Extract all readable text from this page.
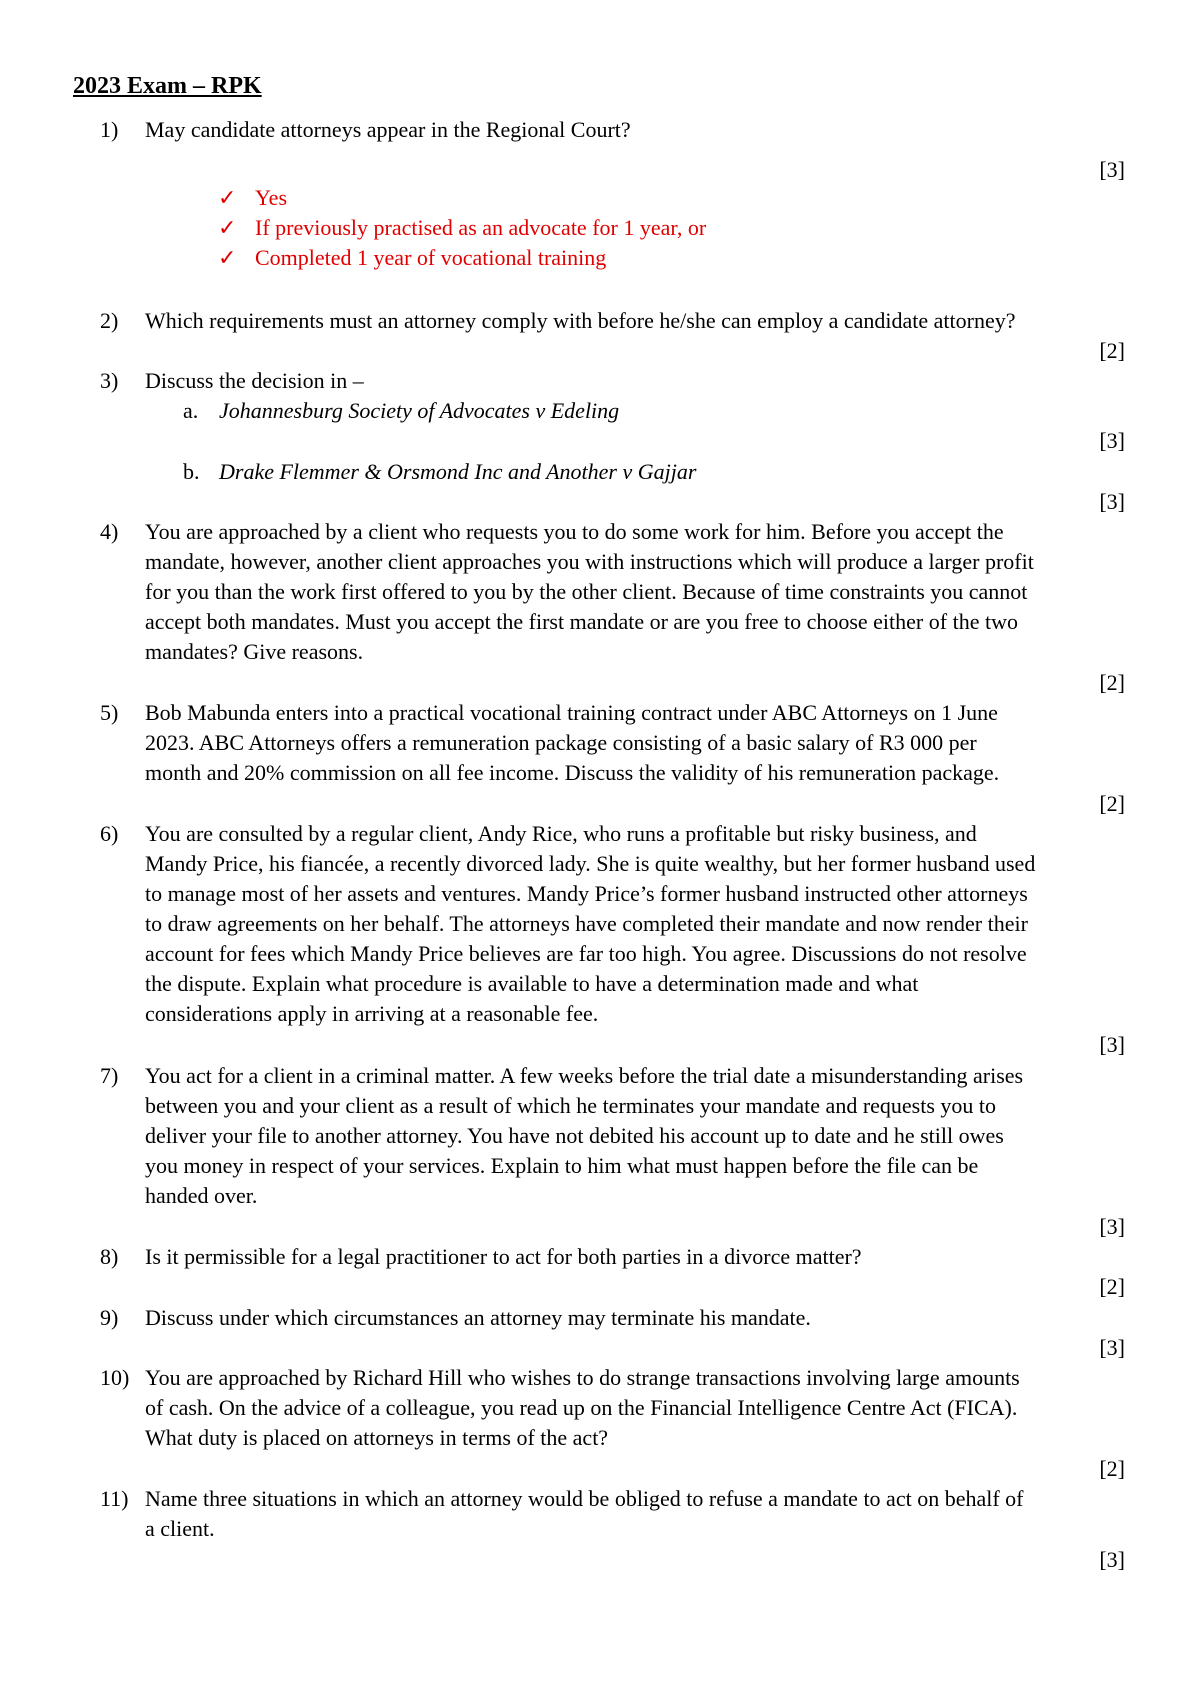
2023 Exam – RPK
1) May candidate attorneys appear in the Regional Court?
[3]
✓ Yes
✓ If previously practised as an advocate for 1 year, or
✓ Completed 1 year of vocational training
2) Which requirements must an attorney comply with before he/she can employ a candidate attorney?
[2]
3) Discuss the decision in –
a. Johannesburg Society of Advocates v Edeling
[3]
b. Drake Flemmer & Orsmond Inc and Another v Gajjar
[3]
4) You are approached by a client who requests you to do some work for him. Before you accept the
mandate, however, another client approaches you with instructions which will produce a larger profit
for you than the work first offered to you by the other client. Because of time constraints you cannot
accept both mandates. Must you accept the first mandate or are you free to choose either of the two
mandates? Give reasons.
[2]
5) Bob Mabunda enters into a practical vocational training contract under ABC Attorneys on 1 June
2023. ABC Attorneys offers a remuneration package consisting of a basic salary of R3 000 per
month and 20% commission on all fee income. Discuss the validity of his remuneration package.
[2]
6) You are consulted by a regular client, Andy Rice, who runs a profitable but risky business, and
Mandy Price, his fiancée, a recently divorced lady. She is quite wealthy, but her former husband used
to manage most of her assets and ventures. Mandy Price’s former husband instructed other attorneys
to draw agreements on her behalf. The attorneys have completed their mandate and now render their
account for fees which Mandy Price believes are far too high. You agree. Discussions do not resolve
the dispute. Explain what procedure is available to have a determination made and what
considerations apply in arriving at a reasonable fee.
[3]
7) You act for a client in a criminal matter. A few weeks before the trial date a misunderstanding arises
between you and your client as a result of which he terminates your mandate and requests you to
deliver your file to another attorney. You have not debited his account up to date and he still owes
you money in respect of your services. Explain to him what must happen before the file can be
handed over.
[3]
8) Is it permissible for a legal practitioner to act for both parties in a divorce matter?
[2]
9) Discuss under which circumstances an attorney may terminate his mandate.
[3]
10) You are approached by Richard Hill who wishes to do strange transactions involving large amounts
of cash. On the advice of a colleague, you read up on the Financial Intelligence Centre Act (FICA).
What duty is placed on attorneys in terms of the act?
[2]
11) Name three situations in which an attorney would be obliged to refuse a mandate to act on behalf of
a client.
[3]
